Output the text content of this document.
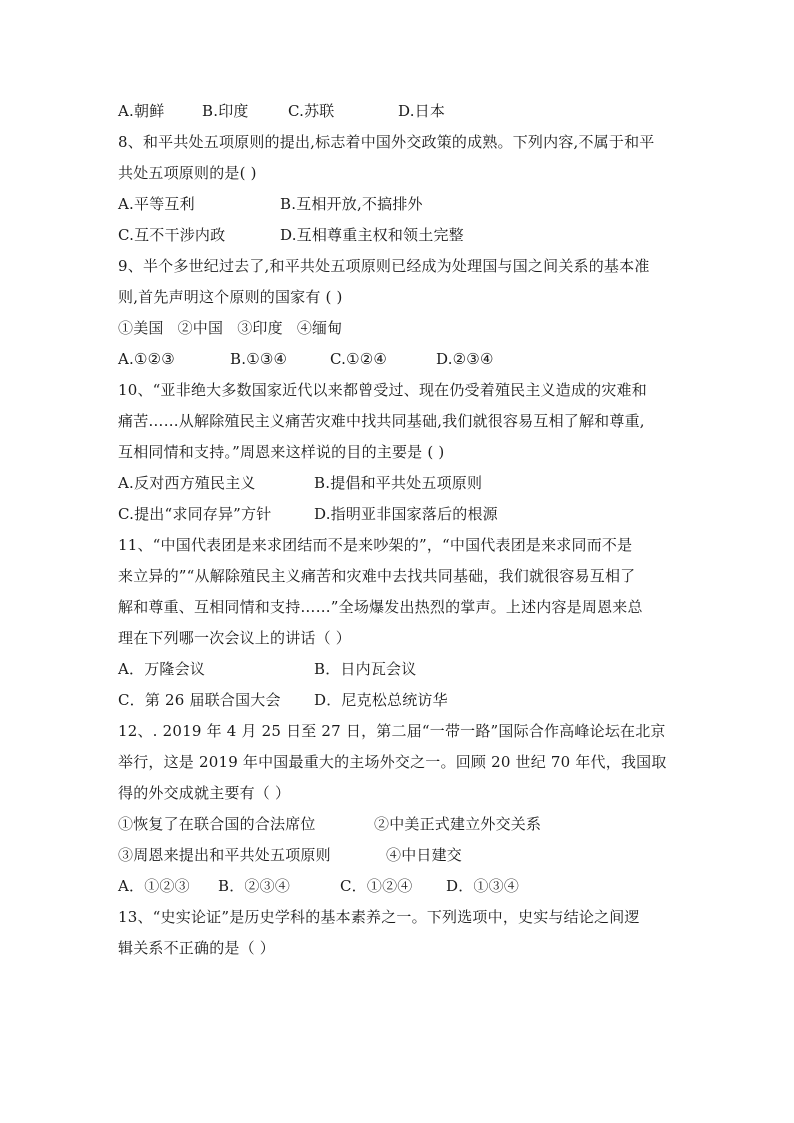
A.朝鲜	B.印度	C.苏联	D.日本
8、和平共处五项原则的提出,标志着中国外交政策的成熟。下列内容,不属于和平
共处五项原则的是( )
A.平等互利	B.互相开放,不搞排外
C.互不干涉内政	D.互相尊重主权和领土完整
9、半个多世纪过去了,和平共处五项原则已经成为处理国与国之间关系的基本准
则,首先声明这个原则的国家有 ( )
①美国 ②中国 ③印度 ④缅甸
A.①②③	B.①③④	C.①②④	D.②③④
10、“亚非绝大多数国家近代以来都曾受过、现在仍受着殖民主义造成的灾难和
痛苦……从解除殖民主义痛苦灾难中找共同基础,我们就很容易互相了解和尊重,
互相同情和支持。”周恩来这样说的目的主要是 ( )
A.反对西方殖民主义	B.提倡和平共处五项原则
C.提出“求同存异”方针	D.指明亚非国家落后的根源
11、“中国代表团是来求团结而不是来吵架的”，“中国代表团是来求同而不是
来立异的”“从解除殖民主义痛苦和灾难中去找共同基础，我们就很容易互相了
解和尊重、互相同情和支持……”全场爆发出热烈的掌声。上述内容是周恩来总
理在下列哪一次会议上的讲话（ ）
A．万隆会议	B．日内瓦会议
C．第 26 届联合国大会	D．尼克松总统访华
12、. 2019 年 4 月 25 日至 27 日，第二届“一带一路”国际合作高峰论坛在北京
举行，这是 2019 年中国最重大的主场外交之一。回顾 20 世纪 70 年代，我国取
得的外交成就主要有（ ）
①恢复了在联合国的合法席位	②中美正式建立外交关系
③周恩来提出和平共处五项原则	④中日建交
A．①②③	B．②③④	C．①②④	D．①③④
13、“史实论证”是历史学科的基本素养之一。下列选项中，史实与结论之间逻
辑关系不正确的是（ ）
